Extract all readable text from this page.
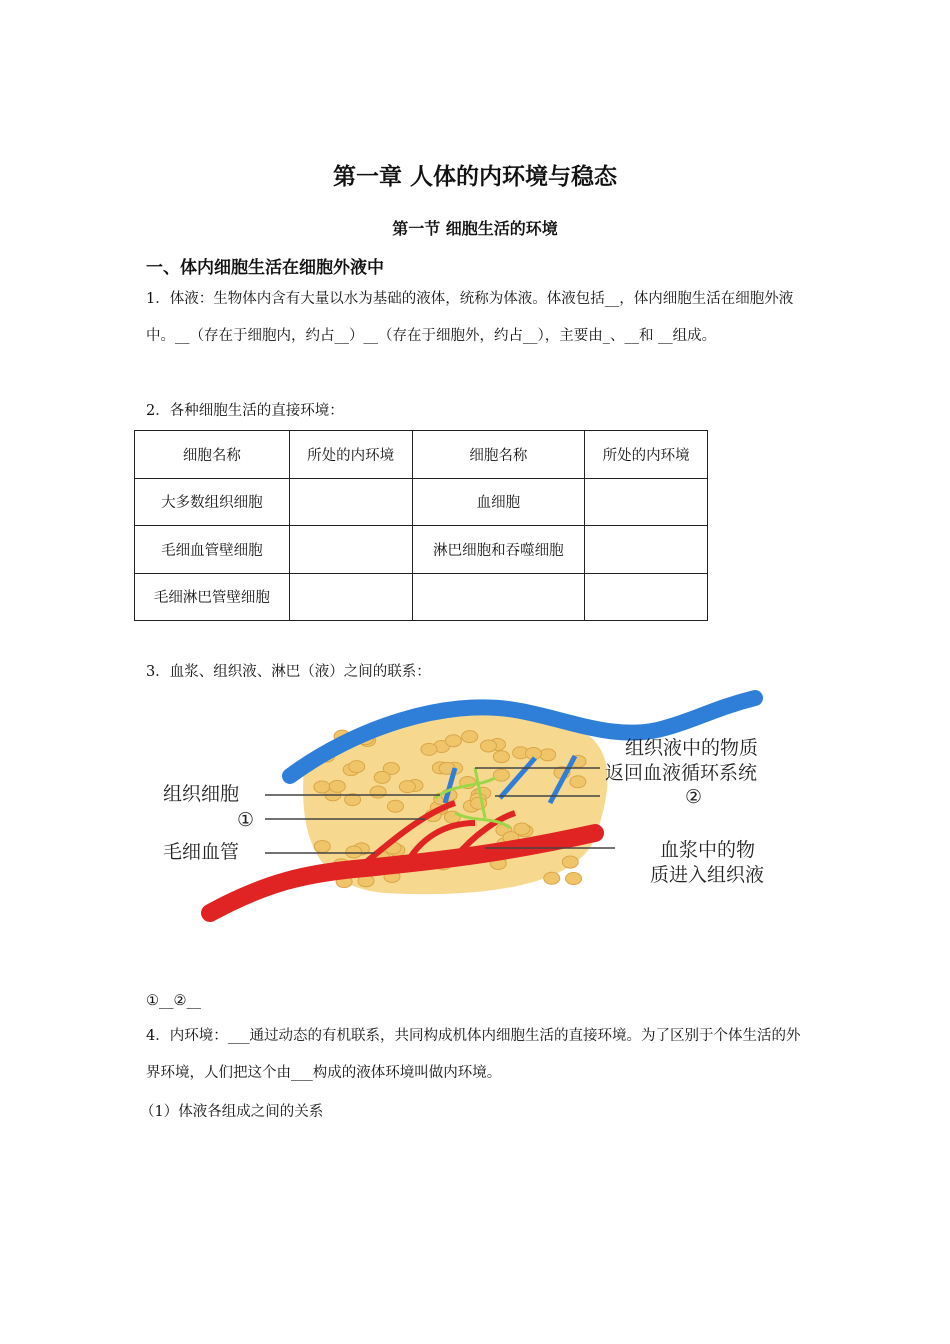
第一章 人体的内环境与稳态
第一节 细胞生活的环境
一、体内细胞生活在细胞外液中
1．体液：生物体内含有大量以水为基础的液体，统称为体液。体液包括__，体内细胞生活在细胞外液中。__（存在于细胞内，约占__）__（存在于细胞外，约占__），主要由_、__和 __组成。
2．各种细胞生活的直接环境：
细胞名称	所处的内环境	细胞名称	所处的内环境
大多数组织细胞		血细胞	
毛细血管壁细胞		淋巴细胞和吞噬细胞	
毛细淋巴管壁细胞			
3．血浆、组织液、淋巴（液）之间的联系：
组织细胞
①
毛细血管
组织液中的物质
返回血液循环系统
②
血浆中的物
质进入组织液
①__②__
4．内环境：___通过动态的有机联系，共同构成机体内细胞生活的直接环境。为了区别于个体生活的外界环境，人们把这个由___构成的液体环境叫做内环境。
（1）体液各组成之间的关系
